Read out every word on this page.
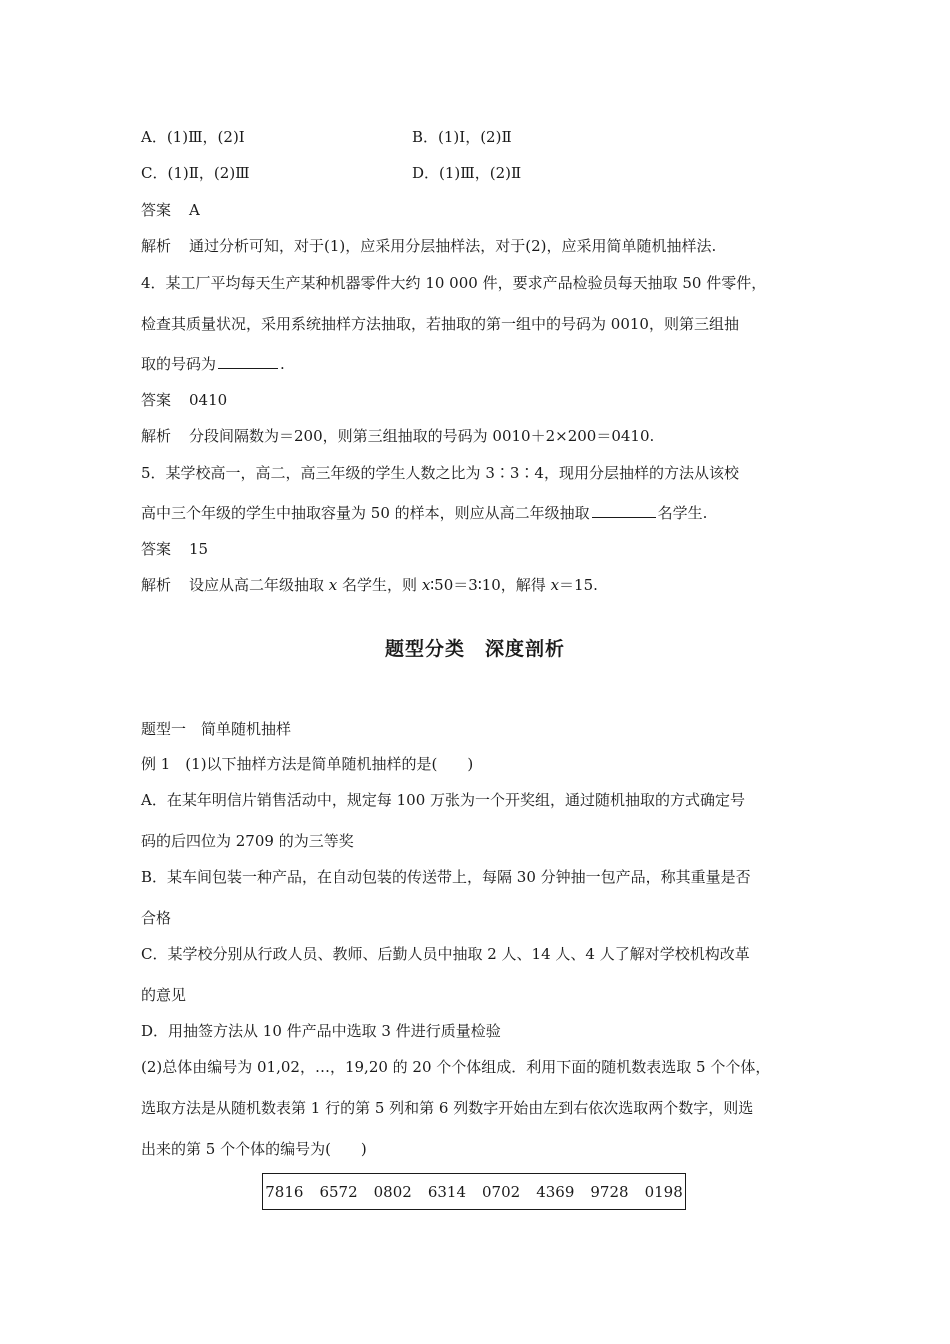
A．(1)Ⅲ，(2)Ⅰ	B．(1)Ⅰ，(2)Ⅱ
C．(1)Ⅱ，(2)Ⅲ	D．(1)Ⅲ，(2)Ⅱ
答案 A
解析 通过分析可知，对于(1)，应采用分层抽样法，对于(2)，应采用简单随机抽样法.
4．某工厂平均每天生产某种机器零件大约 10 000 件，要求产品检验员每天抽取 50 件零件，
检查其质量状况，采用系统抽样方法抽取，若抽取的第一组中的号码为 0010，则第三组抽
取的号码为	.
答案 0410
解析 分段间隔数为＝200，则第三组抽取的号码为 0010＋2×200＝0410.
5．某学校高一，高二，高三年级的学生人数之比为 3∶3∶4，现用分层抽样的方法从该校
高中三个年级的学生中抽取容量为 50 的样本，则应从高二年级抽取	名学生.
答案 15
解析 设应从高二年级抽取 x 名学生，则 x∶50＝3∶10，解得 x＝15.
题型分类　深度剖析
题型一　简单随机抽样
例 1　(1)以下抽样方法是简单随机抽样的是(　　)
A．在某年明信片销售活动中，规定每 100 万张为一个开奖组，通过随机抽取的方式确定号
码的后四位为 2709 的为三等奖
B．某车间包装一种产品，在自动包装的传送带上，每隔 30 分钟抽一包产品，称其重量是否
合格
C．某学校分别从行政人员、教师、后勤人员中抽取 2 人、14 人、4 人了解对学校机构改革
的意见
D．用抽签方法从 10 件产品中选取 3 件进行质量检验
(2)总体由编号为 01,02，…，19,20 的 20 个个体组成．利用下面的随机数表选取 5 个个体，
选取方法是从随机数表第 1 行的第 5 列和第 6 列数字开始由左到右依次选取两个数字，则选
出来的第 5 个个体的编号为(　　)
7816 6572 0802 6314 0702 4369 9728 0198
